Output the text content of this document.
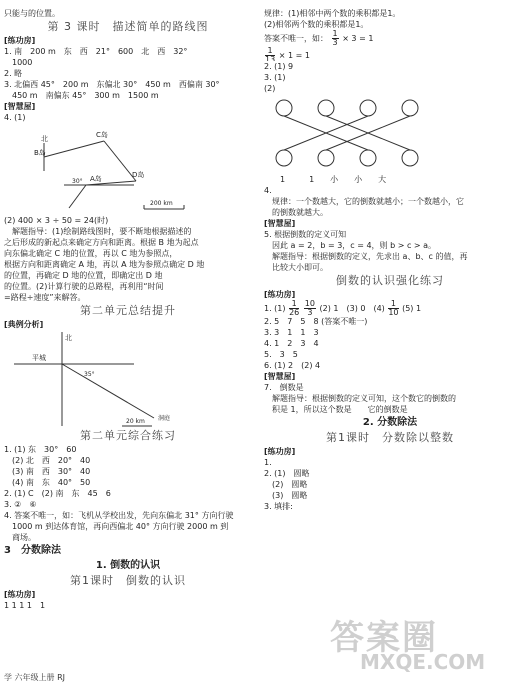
只能与的位置。
第 3 课时　描述简单的路线图
[练功房]
1. 南　200 m　东　西　21°　600　北　西　32°
　1000
2. 略
3. 北偏西 45°　200 m　东偏北 30°　450 m　西偏南 30°
　450 m　南偏东 45°　300 m　1500 m
[智慧屋]
4. (1)
B岛
C岛
A岛	D岛
北
30°
200 km
(2) 400 × 3 ÷ 50 = 24(时)
　解题指导：(1)绘制路线图时，要不断地根据描述的
之后形成的新起点来确定方向和距离。根据 B 地为起点
向东偏北确定 C 地的位置，再以 C 地为参照点，
根据方向和距离确定 A 地，再以 A 地为参照点确定 D 地
的位置，再确定 D 地的位置，即确定出 D 地
的位置。(2)计算行驶的总路程，再利用“时间
=路程÷速度”来解答。
第二单元总结提升
[典例分析]
北
平城
35°
洞庭
20 km
第二单元综合练习
1. (1) 东　30°　60
　(2) 北　西　20°　40
　(3) 南　西　30°　40
　(4) 南　东　40°　50
2. (1) C　(2) 南　东　45　6
3. ②　⑥
4. 答案不唯一，如：飞机从学校出发，先向东偏北 31° 方向行驶
　1000 m 到达体育馆，再向西偏北 40° 方向行驶 2000 m 到
　商场。
3　分数除法
1. 倒数的认识
第1课时　倒数的认识
[练功房]
1 1 1 1　1
规律：(1)相邻中两个数的乘积都是1。
(2)相邻两个数的乘积都是1。
答案不唯一，如： $\frac{1}{3} \times 3 = 1$
$\frac{1}{13} \times 1 = 1$
2. (1) 9　　
3. (1)
(2)
　　1　　　1　　小　　小　　大
4.
　规律：一个数越大，它的倒数就越小；一个数越小，它
　的倒数就越大。
[智慧屋]
5. 根据倒数的定义可知
　因此 a = 2，b = 3，c = 4，则 b > c > a。
　解题指导：根据倒数的定义，先求出 a、b、c 的值，再
　比较大小即可。
倒数的认识强化练习
[练功房]
1. $(1) \frac{1}{26}$
$\frac{10}{3} (2)$ 1　(3) 0　$(4) \frac{1}{10} (5)$ 1
2. 5　7　5　8 (答案不唯一)
3. 3　1　1　3
4. 1　2　3　4
5.　3　5
6. (1) 2　(2) 4
[智慧屋]
7.　倒数是
　解题指导：根据倒数的定义可知，这个数它的倒数的
　积是 1，所以这个数是　　它的倒数是
2. 分数除法
第1课时　分数除以整数
[练功房]
1.
2. (1)　圆略
　(2)　圆略
　(3)　圆略
3. 填排:
答案圈
MXQE.COM
学 六年级上册 RJ
